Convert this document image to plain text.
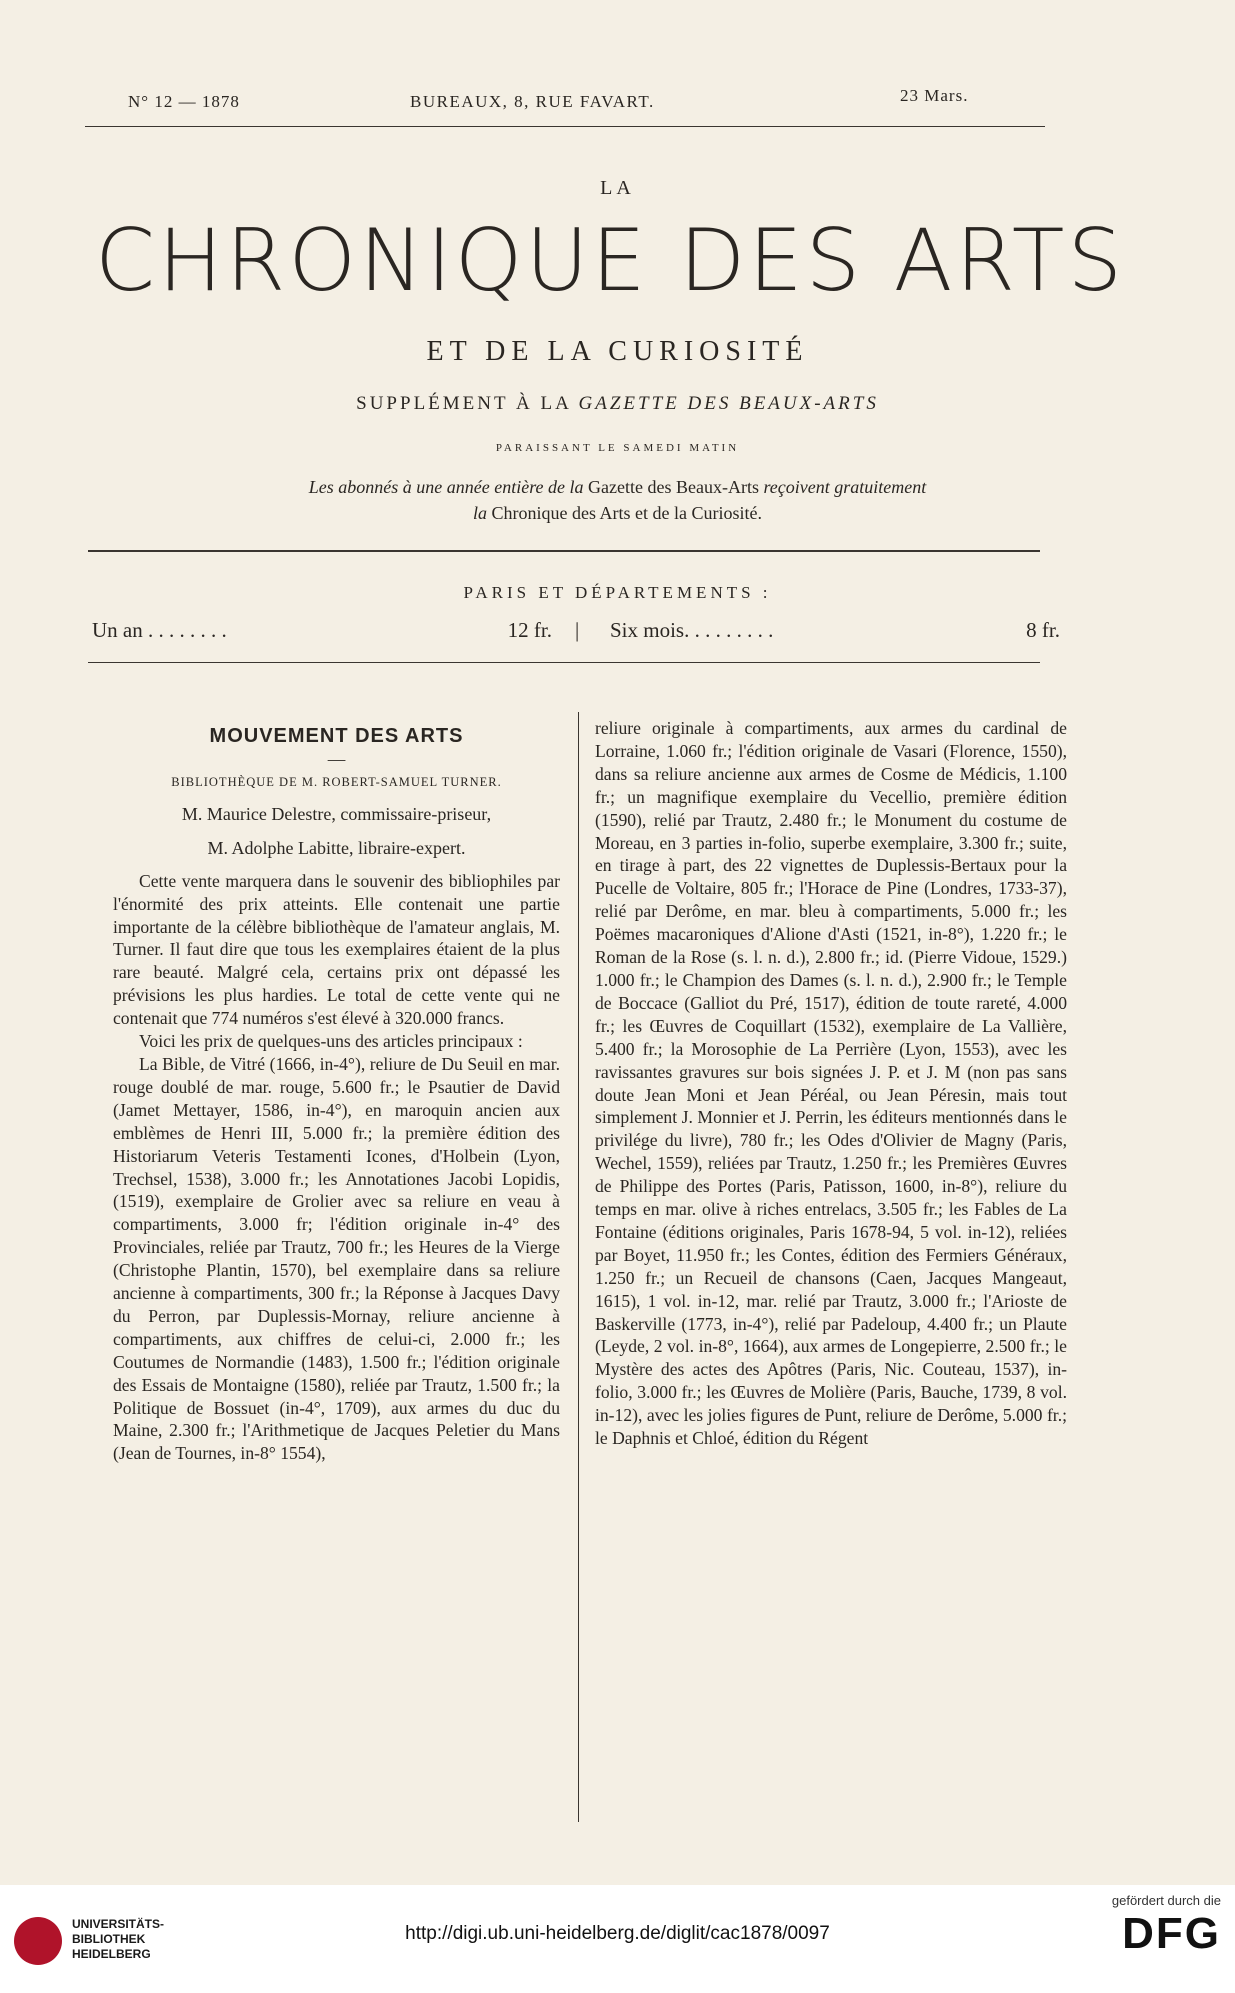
N° 12 — 1878	BUREAUX, 8, RUE FAVART.	23 Mars.
LA
CHRONIQUE DES ARTS
ET DE LA CURIOSITÉ
SUPPLÉMENT À LA GAZETTE DES BEAUX-ARTS
PARAISSANT LE SAMEDI MATIN
Les abonnés à une année entière de la Gazette des Beaux-Arts reçoivent gratuitement
la Chronique des Arts et de la Curiosité.
PARIS ET DÉPARTEMENTS :
Un an . . . . . . . .	12 fr. | Six mois. . . . . . . . .	8 fr.

MOUVEMENT DES ARTS

—

BIBLIOTHÈQUE DE M. ROBERT-SAMUEL TURNER.

M. Maurice Delestre, commissaire-priseur,

M. Adolphe Labitte, libraire-expert.

Cette vente marquera dans le souvenir des bibliophiles par l'énormité des prix atteints. Elle contenait une partie importante de la célèbre bibliothèque de l'amateur anglais, M. Turner. Il faut dire que tous les exemplaires étaient de la plus rare beauté. Malgré cela, certains prix ont dépassé les prévisions les plus hardies. Le total de cette vente qui ne contenait que 774 numéros s'est élevé à 320.000 francs.

Voici les prix de quelques-uns des articles principaux :

La Bible, de Vitré (1666, in-4°), reliure de Du Seuil en mar. rouge doublé de mar. rouge, 5.600 fr.; le Psautier de David (Jamet Mettayer, 1586, in-4°), en maroquin ancien aux emblèmes de Henri III, 5.000 fr.; la première édition des Historiarum Veteris Testamenti Icones, d'Holbein (Lyon, Trechsel, 1538), 3.000 fr.; les Annotationes Jacobi Lopidis, (1519), exemplaire de Grolier avec sa reliure en veau à compartiments, 3.000 fr; l'édition originale in-4° des Provinciales, reliée par Trautz, 700 fr.; les Heures de la Vierge (Christophe Plantin, 1570), bel exemplaire dans sa reliure ancienne à compartiments, 300 fr.; la Réponse à Jacques Davy du Perron, par Duplessis-Mornay, reliure ancienne à compartiments, aux chiffres de celui-ci, 2.000 fr.; les Coutumes de Normandie (1483), 1.500 fr.; l'édition originale des Essais de Montaigne (1580), reliée par Trautz, 1.500 fr.; la Politique de Bossuet (in-4°, 1709), aux armes du duc du Maine, 2.300 fr.; l'Arithmetique de Jacques Peletier du Mans (Jean de Tournes, in-8° 1554),

reliure originale à compartiments, aux armes du cardinal de Lorraine, 1.060 fr.; l'édition originale de Vasari (Florence, 1550), dans sa reliure ancienne aux armes de Cosme de Médicis, 1.100 fr.; un magnifique exemplaire du Vecellio, première édition (1590), relié par Trautz, 2.480 fr.; le Monument du costume de Moreau, en 3 parties in-folio, superbe exemplaire, 3.300 fr.; suite, en tirage à part, des 22 vignettes de Duplessis-Bertaux pour la Pucelle de Voltaire, 805 fr.; l'Horace de Pine (Londres, 1733-37), relié par Derôme, en mar. bleu à compartiments, 5.000 fr.; les Poëmes macaroniques d'Alione d'Asti (1521, in-8°), 1.220 fr.; le Roman de la Rose (s. l. n. d.), 2.800 fr.; id. (Pierre Vidoue, 1529.) 1.000 fr.; le Champion des Dames (s. l. n. d.), 2.900 fr.; le Temple de Boccace (Galliot du Pré, 1517), édition de toute rareté, 4.000 fr.; les Œuvres de Coquillart (1532), exemplaire de La Vallière, 5.400 fr.; la Morosophie de La Perrière (Lyon, 1553), avec les ravissantes gravures sur bois signées J. P. et J. M (non pas sans doute Jean Moni et Jean Péréal, ou Jean Péresin, mais tout simplement J. Monnier et J. Perrin, les éditeurs mentionnés dans le privilége du livre), 780 fr.; les Odes d'Olivier de Magny (Paris, Wechel, 1559), reliées par Trautz, 1.250 fr.; les Premières Œuvres de Philippe des Portes (Paris, Patisson, 1600, in-8°), reliure du temps en mar. olive à riches entrelacs, 3.505 fr.; les Fables de La Fontaine (éditions originales, Paris 1678-94, 5 vol. in-12), reliées par Boyet, 11.950 fr.; les Contes, édition des Fermiers Généraux, 1.250 fr.; un Recueil de chansons (Caen, Jacques Mangeaut, 1615), 1 vol. in-12, mar. relié par Trautz, 3.000 fr.; l'Arioste de Baskerville (1773, in-4°), relié par Padeloup, 4.400 fr.; un Plaute (Leyde, 2 vol. in-8°, 1664), aux armes de Longepierre, 2.500 fr.; le Mystère des actes des Apôtres (Paris, Nic. Couteau, 1537), in-folio, 3.000 fr.; les Œuvres de Molière (Paris, Bauche, 1739, 8 vol. in-12), avec les jolies figures de Punt, reliure de Derôme, 5.000 fr.; le Daphnis et Chloé, édition du Régent

UNIVERSITÄTS-
BIBLIOTHEK
HEIDELBERG
http://digi.ub.uni-heidelberg.de/diglit/cac1878/0097
gefördert durch die
DFG
